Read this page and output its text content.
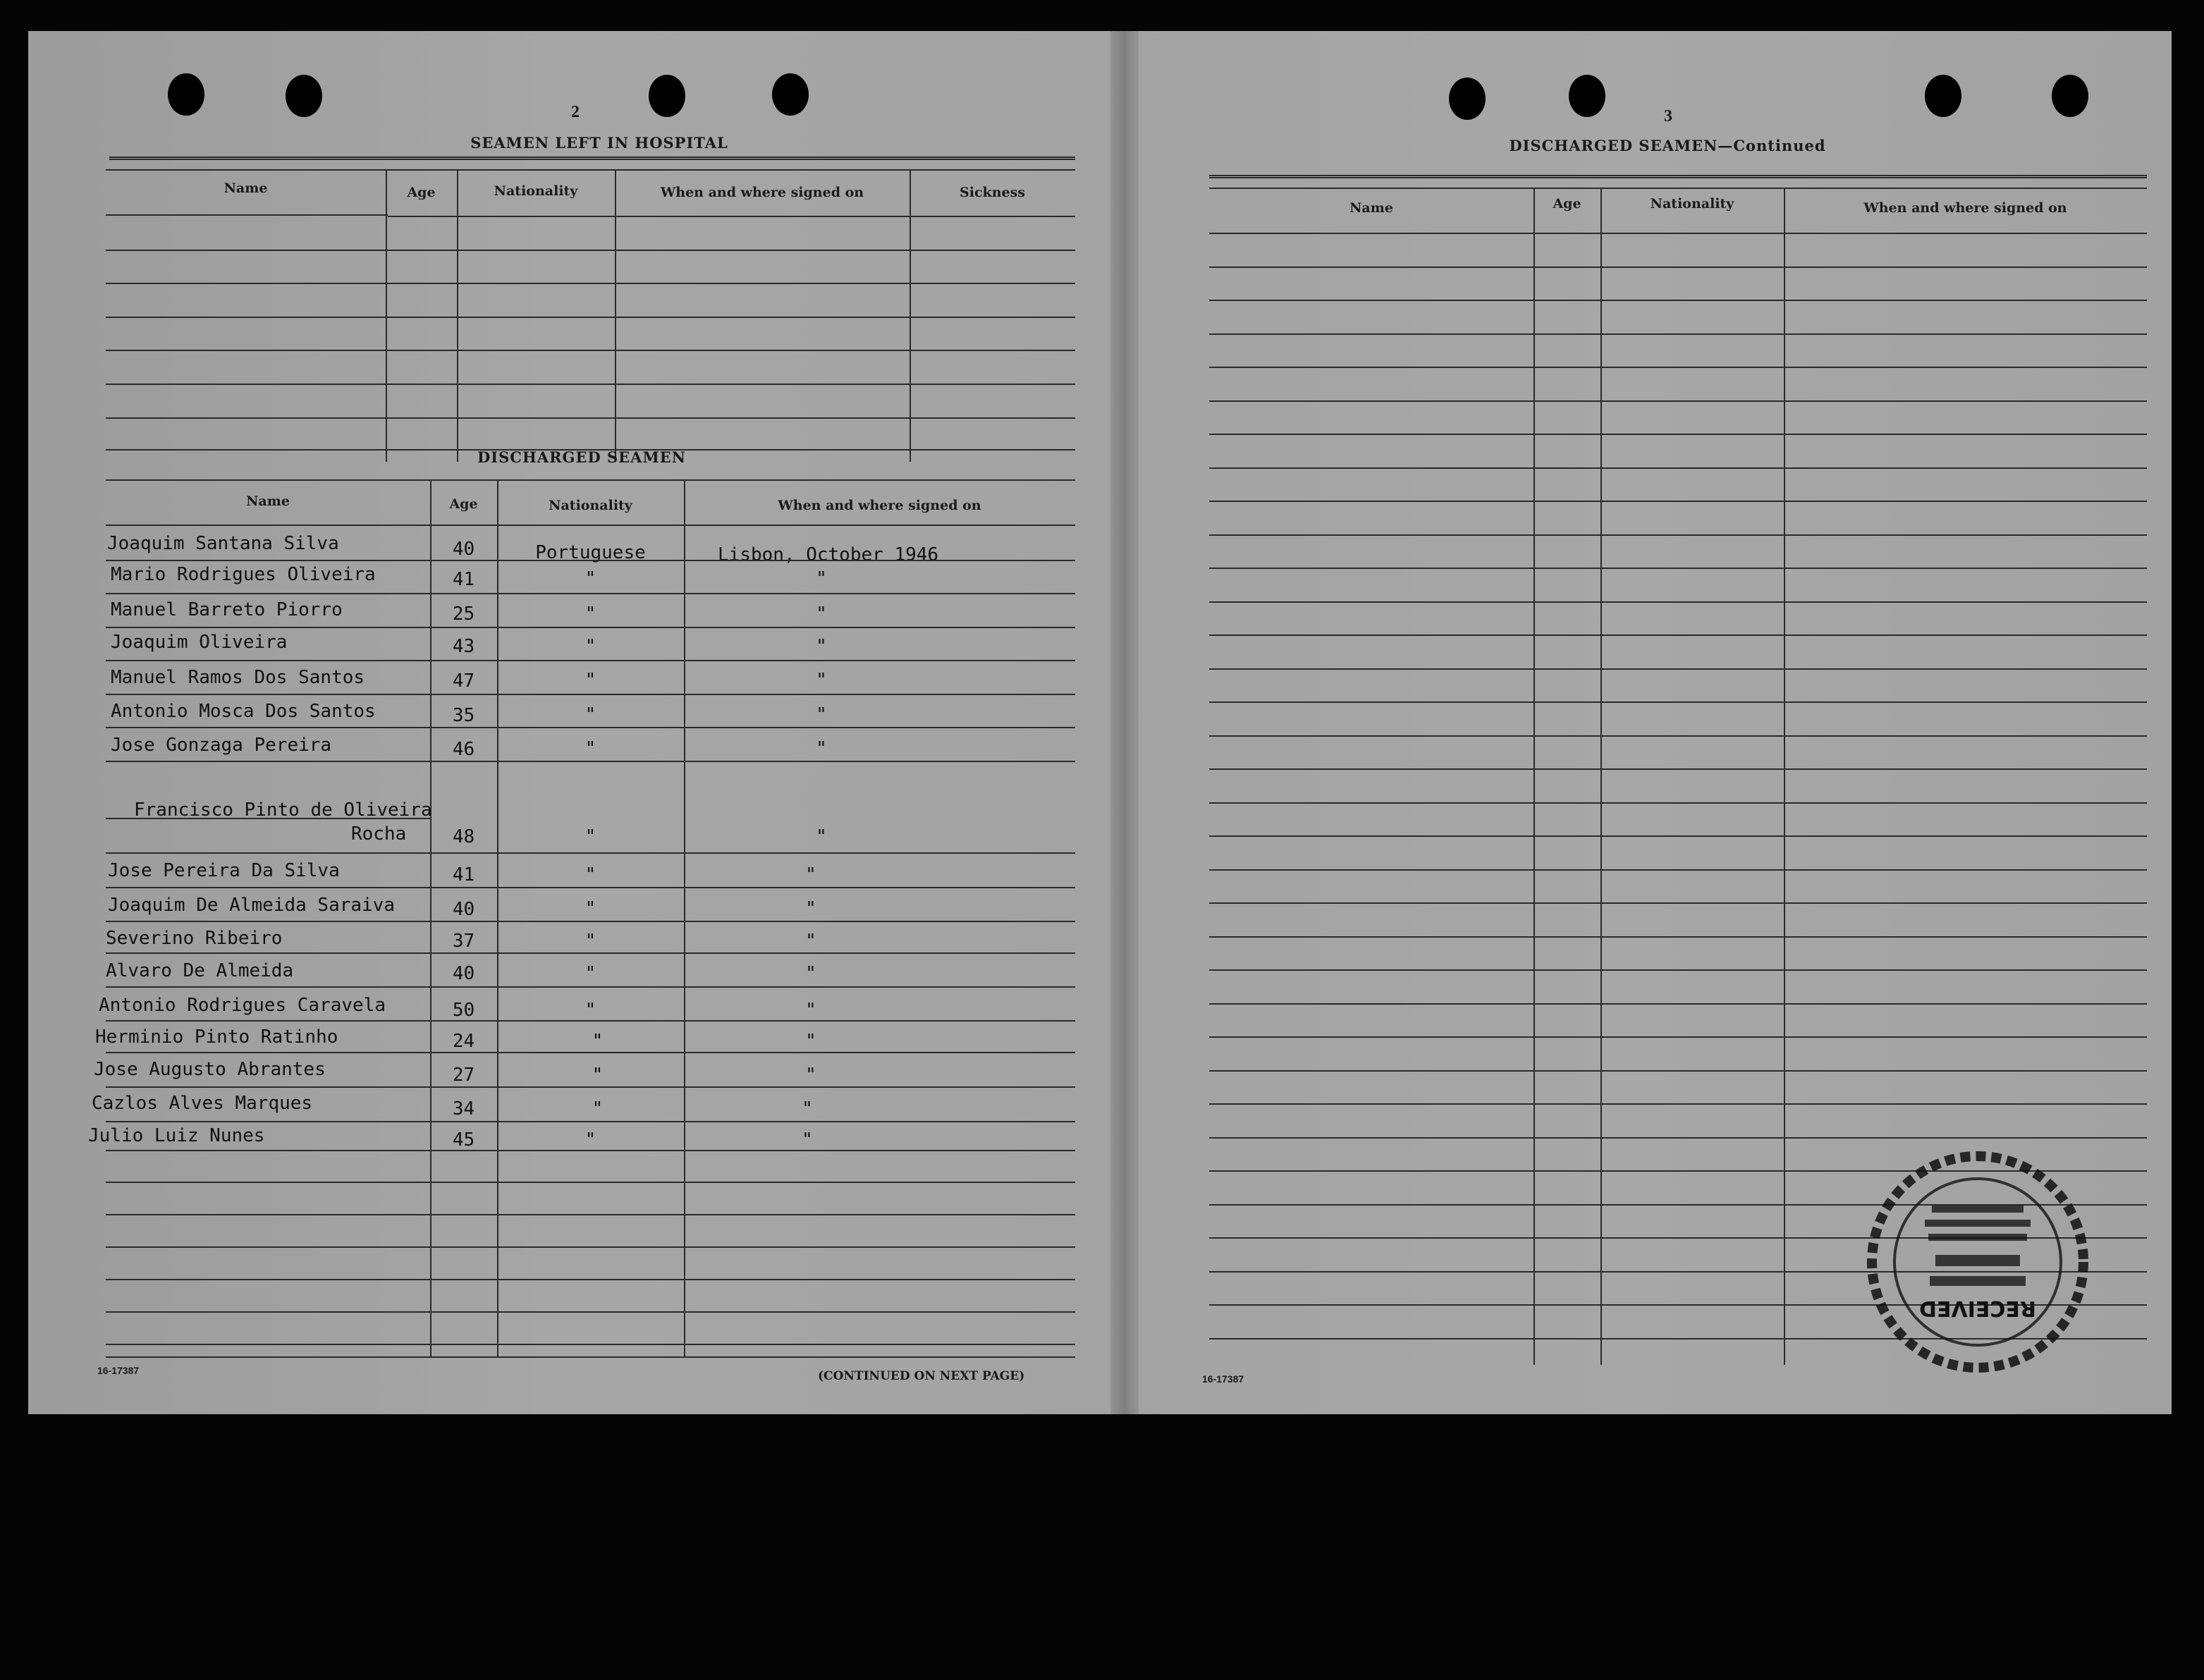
2
SEAMEN LEFT IN HOSPITAL
Name	Age	Nationality	When and where signed on	Sickness
DISCHARGED SEAMEN
Name	Age	Nationality	When and where signed on
Joaquim Santana Silva	40	Portuguese	Lisbon, October 1946
Mario Rodrigues Oliveira	41	"	"
Manuel Barreto Piorro	25	"	"
Joaquim Oliveira	43	"	"
Manuel Ramos Dos Santos	47	"	"
Antonio Mosca Dos Santos	35	"	"
Jose Gonzaga Pereira	46	"	"
Francisco Pinto de Oliveira
Rocha	48	"	"
Jose Pereira Da Silva	41	"	"
Joaquim De Almeida Saraiva	40	"	"
Severino Ribeiro	37	"	"
Alvaro De Almeida	40	"	"
Antonio Rodrigues Caravela	50	"	"
Herminio Pinto Ratinho	24	"	"
Jose Augusto Abrantes	27	"	"
Cazlos Alves Marques	34	"	"
Julio Luiz Nunes	45	"	"
16-17387	(CONTINUED ON NEXT PAGE)
3
DISCHARGED SEAMEN—Continued
Name	Age	Nationality	When and where signed on
16-17387
RECEIVED
